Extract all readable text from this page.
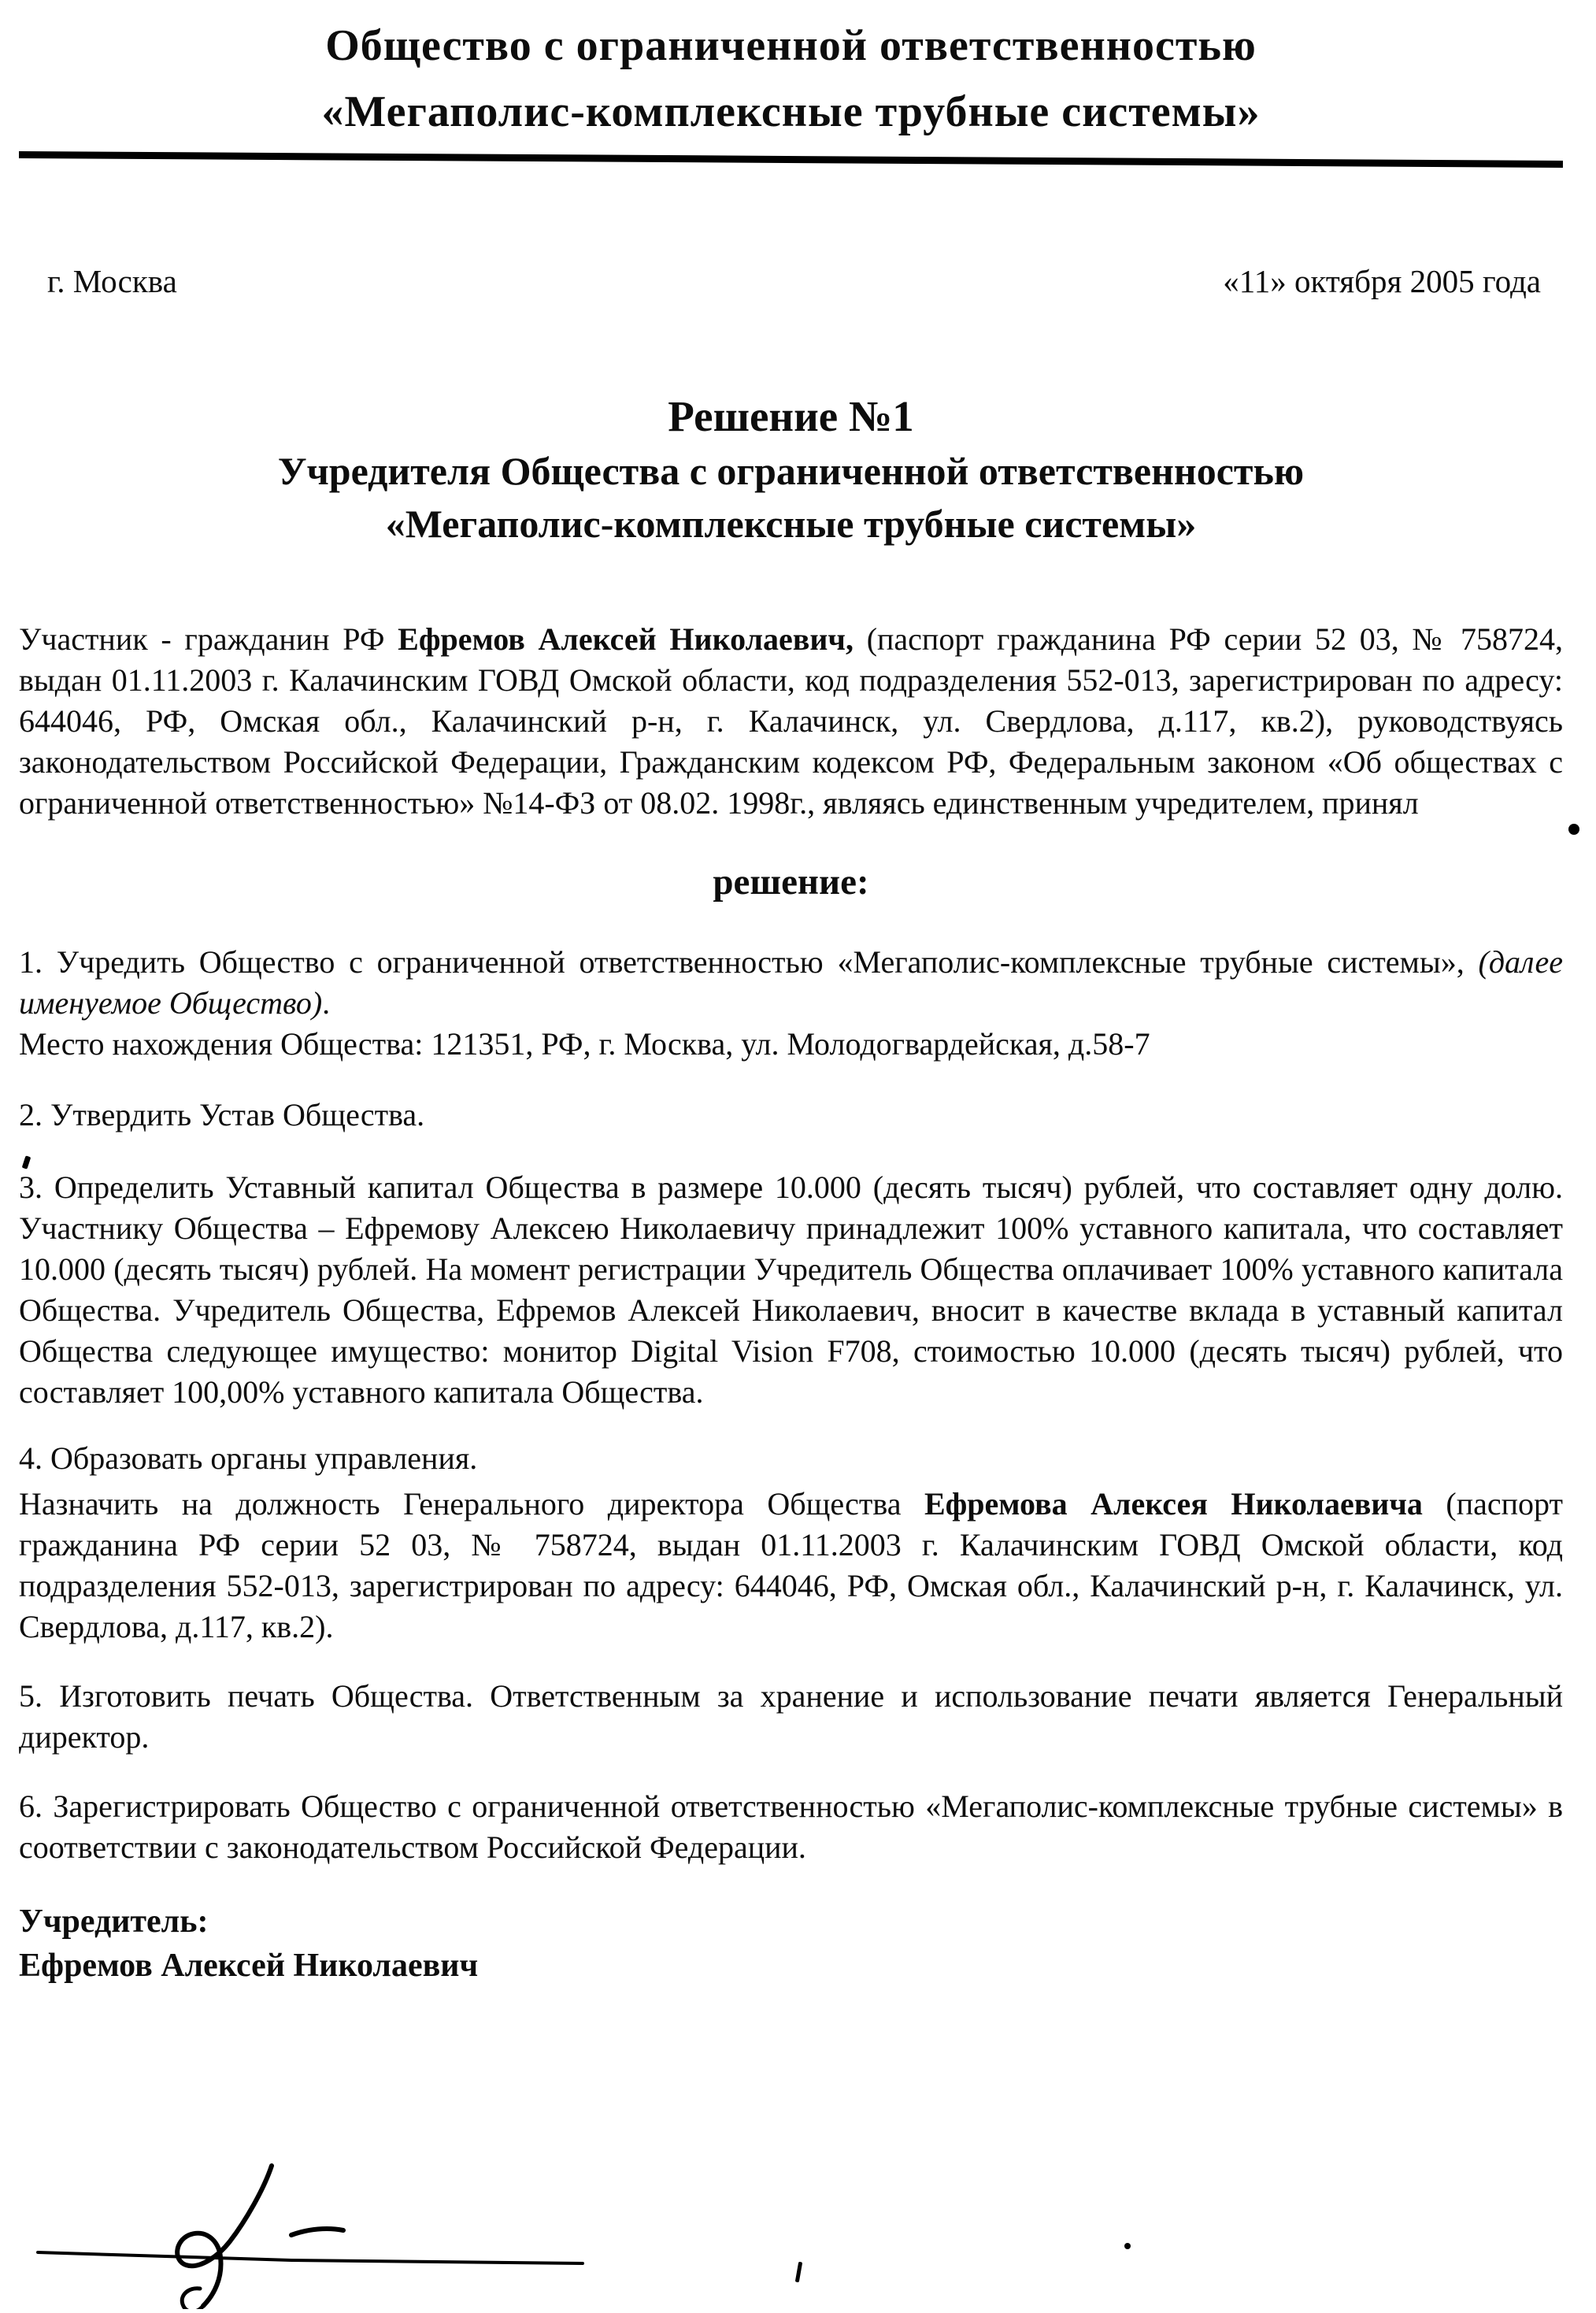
Общество с ограниченной ответственностью
«Мегаполис-комплексные трубные системы»
г. Москва	«11» октября 2005 года
Решение №1
Учредителя Общества с ограниченной ответственностью
«Мегаполис-комплексные трубные системы»

Участник - гражданин РФ Ефремов Алексей Николаевич, (паспорт гражданина РФ серии 52 03, № 758724, выдан 01.11.2003 г. Калачинским ГОВД Омской области, код подразделения 552-013, зарегистрирован по адресу: 644046, РФ, Омская обл., Калачинский р-н, г. Калачинск, ул. Свердлова, д.117, кв.2), руководствуясь законодательством Российской Федерации, Гражданским кодексом РФ, Федеральным законом «Об обществах с ограниченной ответственностью» №14-ФЗ от 08.02. 1998г., являясь единственным учредителем, принял

решение:

1. Учредить Общество с ограниченной ответственностью «Мегаполис-комплексные трубные системы», (далее именуемое Общество).
Место нахождения Общества: 121351, РФ, г. Москва, ул. Молодогвардейская, д.58-7

2. Утвердить Устав Общества.

3. Определить Уставный капитал Общества в размере 10.000 (десять тысяч) рублей, что составляет одну долю. Участнику Общества – Ефремову Алексею Николаевичу принадлежит 100% уставного капитала, что составляет 10.000 (десять тысяч) рублей. На момент регистрации Учредитель Общества оплачивает 100% уставного капитала Общества. Учредитель Общества, Ефремов Алексей Николаевич, вносит в качестве вклада в уставный капитал Общества следующее имущество: монитор Digital Vision F708, стоимостью 10.000 (десять тысяч) рублей, что составляет 100,00% уставного капитала Общества.

4. Образовать органы управления.

Назначить на должность Генерального директора Общества Ефремова Алексея Николаевича (паспорт гражданина РФ серии 52 03, № 758724, выдан 01.11.2003 г. Калачинским ГОВД Омской области, код подразделения 552-013, зарегистрирован по адресу: 644046, РФ, Омская обл., Калачинский р-н, г. Калачинск, ул. Свердлова, д.117, кв.2).

5. Изготовить печать Общества. Ответственным за хранение и использование печати является Генеральный директор.

6. Зарегистрировать Общество с ограниченной ответственностью «Мегаполис-комплексные трубные системы» в соответствии с законодательством Российской Федерации.

Учредитель:
Ефремов Алексей Николаевич
